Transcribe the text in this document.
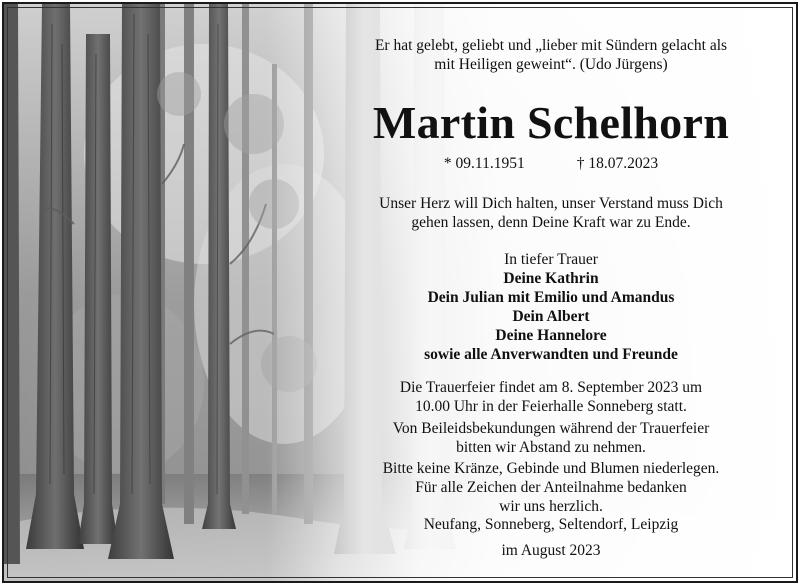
Er hat gelebt, geliebt und „lieber mit Sündern gelacht als
mit Heiligen geweint“. (Udo Jürgens)
Martin Schelhorn
* 09.11.1951	† 18.07.2023
Unser Herz will Dich halten, unser Verstand muss Dich
gehen lassen, denn Deine Kraft war zu Ende.
In tiefer Trauer
Deine Kathrin
Dein Julian mit Emilio und Amandus
Dein Albert
Deine Hannelore
sowie alle Anverwandten und Freunde
Die Trauerfeier findet am 8. September 2023 um
10.00 Uhr in der Feierhalle Sonneberg statt.
Von Beileidsbekundungen während der Trauerfeier
bitten wir Abstand zu nehmen.
Bitte keine Kränze, Gebinde und Blumen niederlegen.
Für alle Zeichen der Anteilnahme bedanken
wir uns herzlich.
Neufang, Sonneberg, Seltendorf, Leipzig
im August 2023
